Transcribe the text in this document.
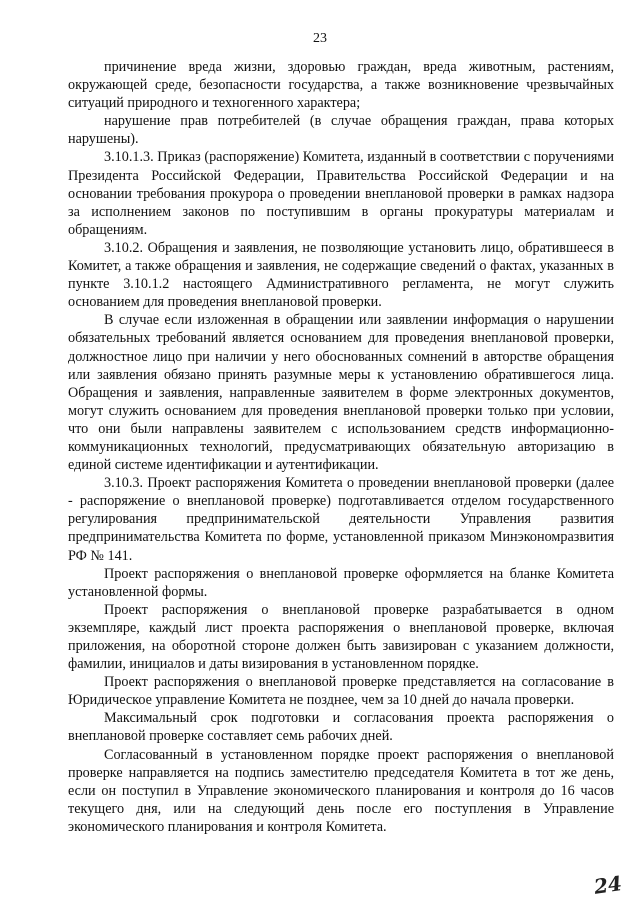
23

причинение вреда жизни, здоровью граждан, вреда животным, растениям, окружающей среде, безопасности государства, а также возникновение чрезвычайных ситуаций природного и техногенного характера;

нарушение прав потребителей (в случае обращения граждан, права которых нарушены).

3.10.1.3. Приказ (распоряжение) Комитета, изданный в соответствии с поручениями Президента Российской Федерации, Правительства Российской Федерации и на основании требования прокурора о проведении внеплановой проверки в рамках надзора за исполнением законов по поступившим в органы прокуратуры материалам и обращениям.

3.10.2. Обращения и заявления, не позволяющие установить лицо, обратившееся в Комитет, а также обращения и заявления, не содержащие сведений о фактах, указанных в пункте 3.10.1.2 настоящего Административного регламента, не могут служить основанием для проведения внеплановой проверки.

В случае если изложенная в обращении или заявлении информация о нарушении обязательных требований является основанием для проведения внеплановой проверки, должностное лицо при наличии у него обоснованных сомнений в авторстве обращения или заявления обязано принять разумные меры к установлению обратившегося лица. Обращения и заявления, направленные заявителем в форме электронных документов, могут служить основанием для проведения внеплановой проверки только при условии, что они были направлены заявителем с использованием средств информационно-коммуникационных технологий, предусматривающих обязательную авторизацию в единой системе идентификации и аутентификации.

3.10.3. Проект распоряжения Комитета о проведении внеплановой проверки (далее - распоряжение о внеплановой проверке) подготавливается отделом государственного регулирования предпринимательской деятельности Управления развития предпринимательства Комитета по форме, установленной приказом Минэкономразвития РФ № 141.

Проект распоряжения о внеплановой проверке оформляется на бланке Комитета установленной формы.

Проект распоряжения о внеплановой проверке разрабатывается в одном экземпляре, каждый лист проекта распоряжения о внеплановой проверке, включая приложения, на оборотной стороне должен быть завизирован с указанием должности, фамилии, инициалов и даты визирования в установленном порядке.

Проект распоряжения о внеплановой проверке представляется на согласование в Юридическое управление Комитета не позднее, чем за 10 дней до начала проверки.

Максимальный срок подготовки и согласования проекта распоряжения о внеплановой проверке составляет семь рабочих дней.

Согласованный в установленном порядке проект распоряжения о внеплановой проверке направляется на подпись заместителю председателя Комитета в тот же день, если он поступил в Управление экономического планирования и контроля до 16 часов текущего дня, или на следующий день после его поступления в Управление экономического планирования и контроля Комитета.

24
